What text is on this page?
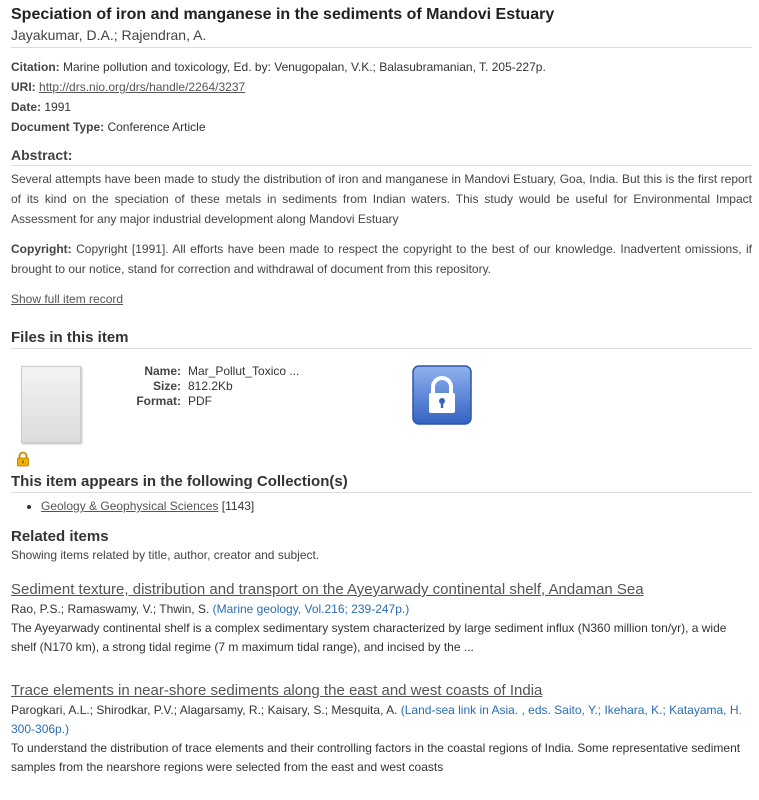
Speciation of iron and manganese in the sediments of Mandovi Estuary
Jayakumar, D.A.; Rajendran, A.
Citation: Marine pollution and toxicology, Ed. by: Venugopalan, V.K.; Balasubramanian, T. 205-227p.
URI: http://drs.nio.org/drs/handle/2264/3237
Date: 1991
Document Type: Conference Article
Abstract:
Several attempts have been made to study the distribution of iron and manganese in Mandovi Estuary, Goa, India. But this is the first report of its kind on the speciation of these metals in sediments from Indian waters. This study would be useful for Environmental Impact Assessment for any major industrial development along Mandovi Estuary
Copyright: Copyright [1991]. All efforts have been made to respect the copyright to the best of our knowledge. Inadvertent omissions, if brought to our notice, stand for correction and withdrawal of document from this repository.
Show full item record
Files in this item
Name: Mar_Pollut_Toxico ...
Size: 812.2Kb
Format: PDF
This item appears in the following Collection(s)
• Geology & Geophysical Sciences [1143]
Related items
Showing items related by title, author, creator and subject.
Sediment texture, distribution and transport on the Ayeyarwady continental shelf, Andaman Sea
Rao, P.S.; Ramaswamy, V.; Thwin, S. (Marine geology, Vol.216; 239-247p.)
The Ayeyarwady continental shelf is a complex sedimentary system characterized by large sediment influx (N360 million ton/yr), a wide shelf (N170 km), a strong tidal regime (7 m maximum tidal range), and incised by the ...
Trace elements in near-shore sediments along the east and west coasts of India
Parogkari, A.L.; Shirodkar, P.V.; Alagarsamy, R.; Kaisary, S.; Mesquita, A. (Land-sea link in Asia. , eds. Saito, Y.; Ikehara, K.; Katayama, H. 300-306p.)
To understand the distribution of trace elements and their controlling factors in the coastal regions of India. Some representative sediment samples from the nearshore regions were selected from the east and west coasts
